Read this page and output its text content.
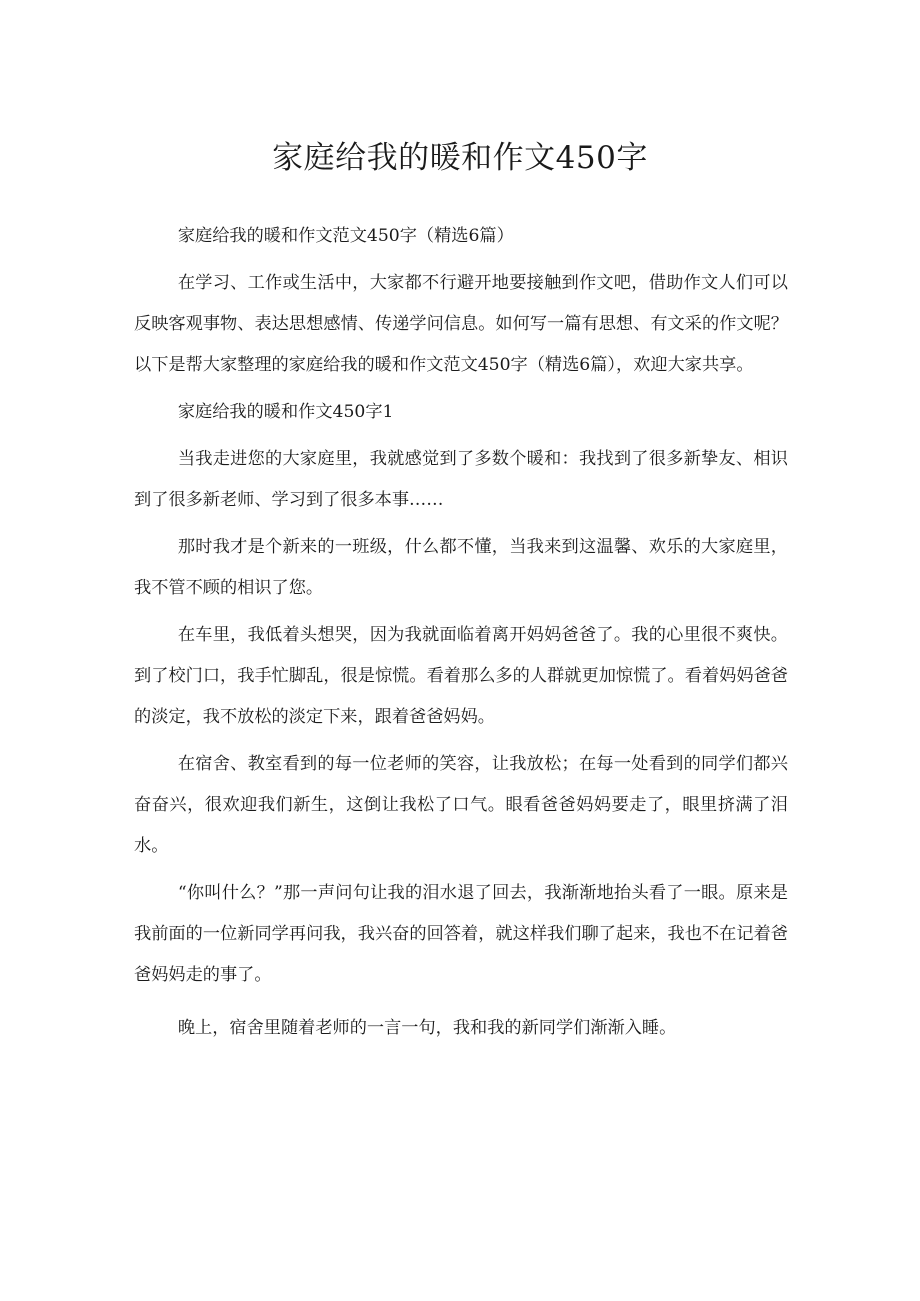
家庭给我的暖和作文450字

家庭给我的暖和作文范文450字（精选6篇）

在学习、工作或生活中，大家都不行避开地要接触到作文吧，借助作文人们可以反映客观事物、表达思想感情、传递学问信息。如何写一篇有思想、有文采的作文呢？以下是帮大家整理的家庭给我的暖和作文范文450字（精选6篇），欢迎大家共享。

家庭给我的暖和作文450字1

当我走进您的大家庭里，我就感觉到了多数个暖和：我找到了很多新挚友、相识到了很多新老师、学习到了很多本事……

那时我才是个新来的一班级，什么都不懂，当我来到这温馨、欢乐的大家庭里，我不管不顾的相识了您。

在车里，我低着头想哭，因为我就面临着离开妈妈爸爸了。我的心里很不爽快。到了校门口，我手忙脚乱，很是惊慌。看着那么多的人群就更加惊慌了。看着妈妈爸爸的淡定，我不放松的淡定下来，跟着爸爸妈妈。

在宿舍、教室看到的每一位老师的笑容，让我放松；在每一处看到的同学们都兴奋奋兴，很欢迎我们新生，这倒让我松了口气。眼看爸爸妈妈要走了，眼里挤满了泪水。

“你叫什么？”那一声问句让我的泪水退了回去，我渐渐地抬头看了一眼。原来是我前面的一位新同学再问我，我兴奋的回答着，就这样我们聊了起来，我也不在记着爸爸妈妈走的事了。

晚上，宿舍里随着老师的一言一句，我和我的新同学们渐渐入睡。
